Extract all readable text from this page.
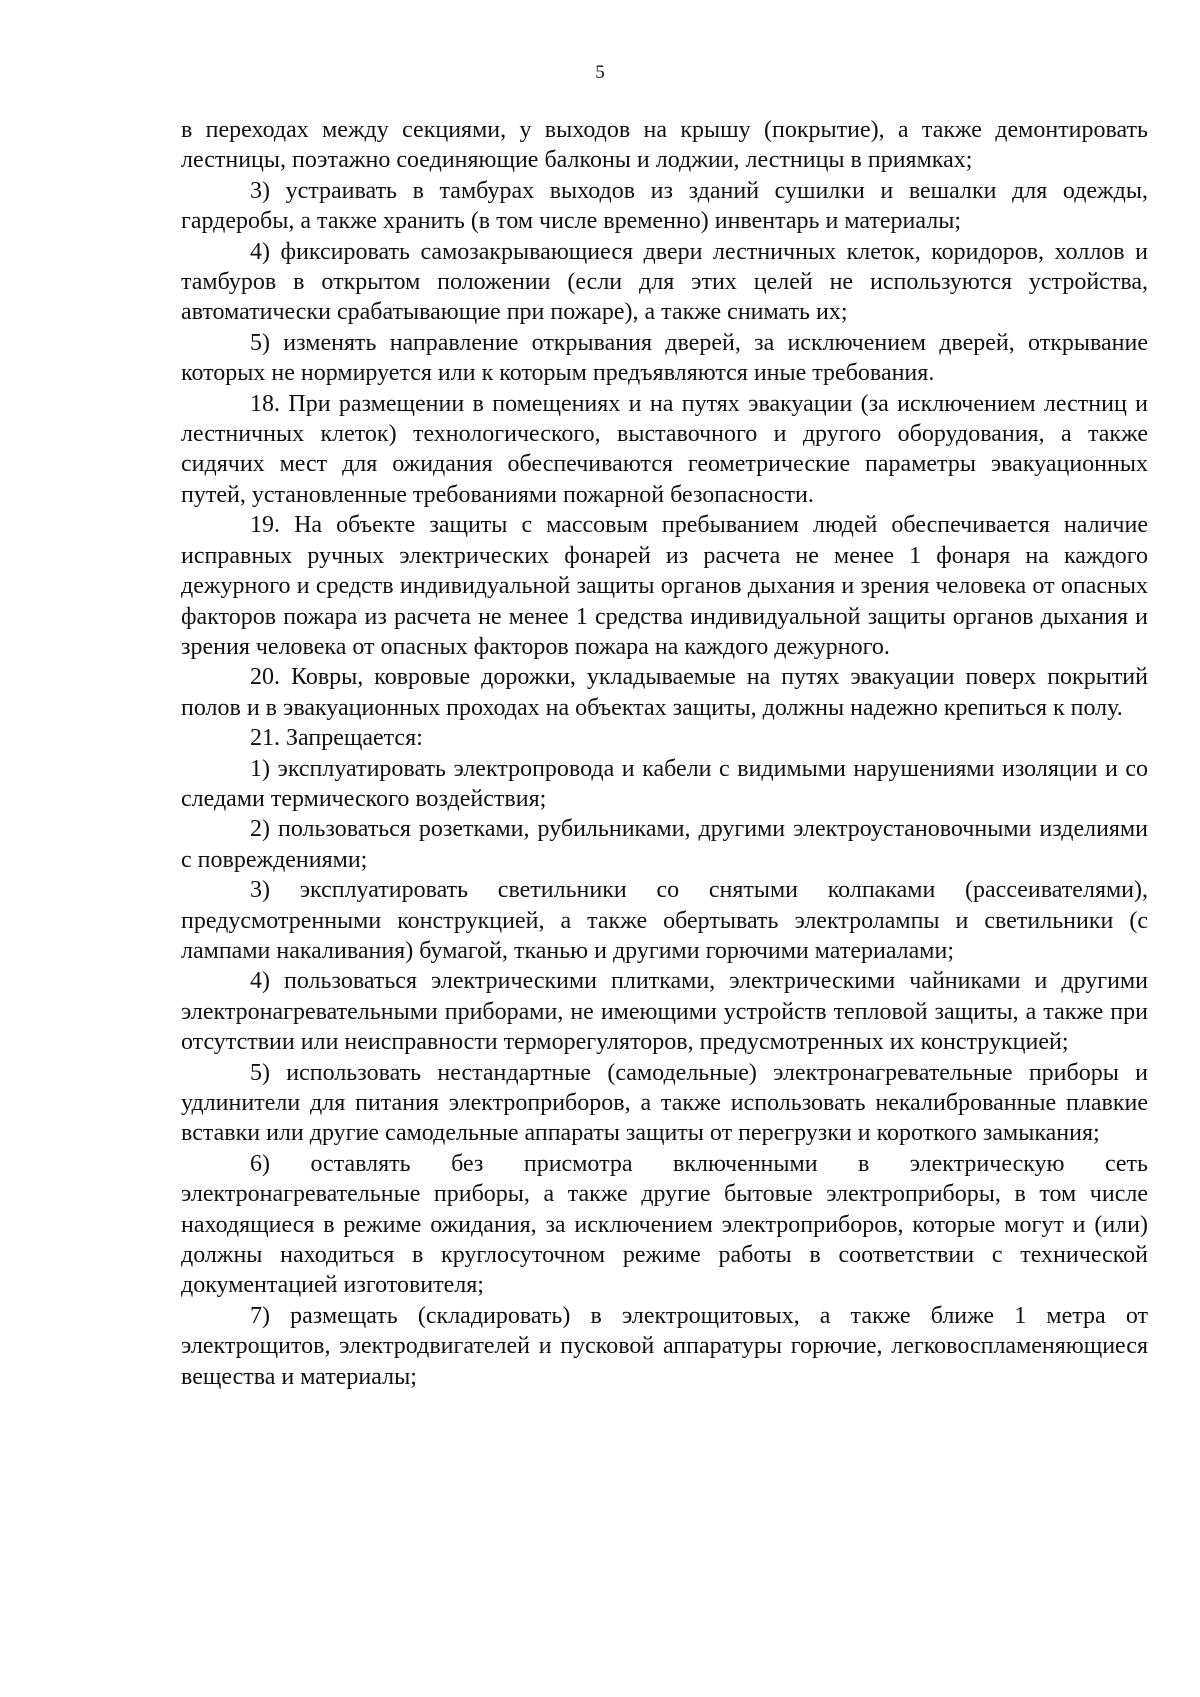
5

в переходах между секциями, у выходов на крышу (покрытие), а также демонтировать лестницы, поэтажно соединяющие балконы и лоджии, лестницы в приямках;

3) устраивать в тамбурах выходов из зданий сушилки и вешалки для одежды, гардеробы, а также хранить (в том числе временно) инвентарь и материалы;

4) фиксировать самозакрывающиеся двери лестничных клеток, коридоров, холлов и тамбуров в открытом положении (если для этих целей не используются устройства, автоматически срабатывающие при пожаре), а также снимать их;

5) изменять направление открывания дверей, за исключением дверей, открывание которых не нормируется или к которым предъявляются иные требования.

18. При размещении в помещениях и на путях эвакуации (за исключением лестниц и лестничных клеток) технологического, выставочного и другого оборудования, а также сидячих мест для ожидания обеспечиваются геометрические параметры эвакуационных путей, установленные требованиями пожарной безопасности.

19. На объекте защиты с массовым пребыванием людей обеспечивается наличие исправных ручных электрических фонарей из расчета не менее 1 фонаря на каждого дежурного и средств индивидуальной защиты органов дыхания и зрения человека от опасных факторов пожара из расчета не менее 1 средства индивидуальной защиты органов дыхания и зрения человека от опасных факторов пожара на каждого дежурного.

20. Ковры, ковровые дорожки, укладываемые на путях эвакуации поверх покрытий полов и в эвакуационных проходах на объектах защиты, должны надежно крепиться к полу.

21. Запрещается:

1) эксплуатировать электропровода и кабели с видимыми нарушениями изоляции и со следами термического воздействия;

2) пользоваться розетками, рубильниками, другими электроустановочными изделиями с повреждениями;

3) эксплуатировать светильники со снятыми колпаками (рассеивателями), предусмотренными конструкцией, а также обертывать электролампы и светильники (с лампами накаливания) бумагой, тканью и другими горючими материалами;

4) пользоваться электрическими плитками, электрическими чайниками и другими электронагревательными приборами, не имеющими устройств тепловой защиты, а также при отсутствии или неисправности терморегуляторов, предусмотренных их конструкцией;

5) использовать нестандартные (самодельные) электронагревательные приборы и удлинители для питания электроприборов, а также использовать некалиброванные плавкие вставки или другие самодельные аппараты защиты от перегрузки и короткого замыкания;

6) оставлять без присмотра включенными в электрическую сеть электронагревательные приборы, а также другие бытовые электроприборы, в том числе находящиеся в режиме ожидания, за исключением электроприборов, которые могут и (или) должны находиться в круглосуточном режиме работы в соответствии с технической документацией изготовителя;

7) размещать (складировать) в электрощитовых, а также ближе 1 метра от электрощитов, электродвигателей и пусковой аппаратуры горючие, легковоспламеняющиеся вещества и материалы;
